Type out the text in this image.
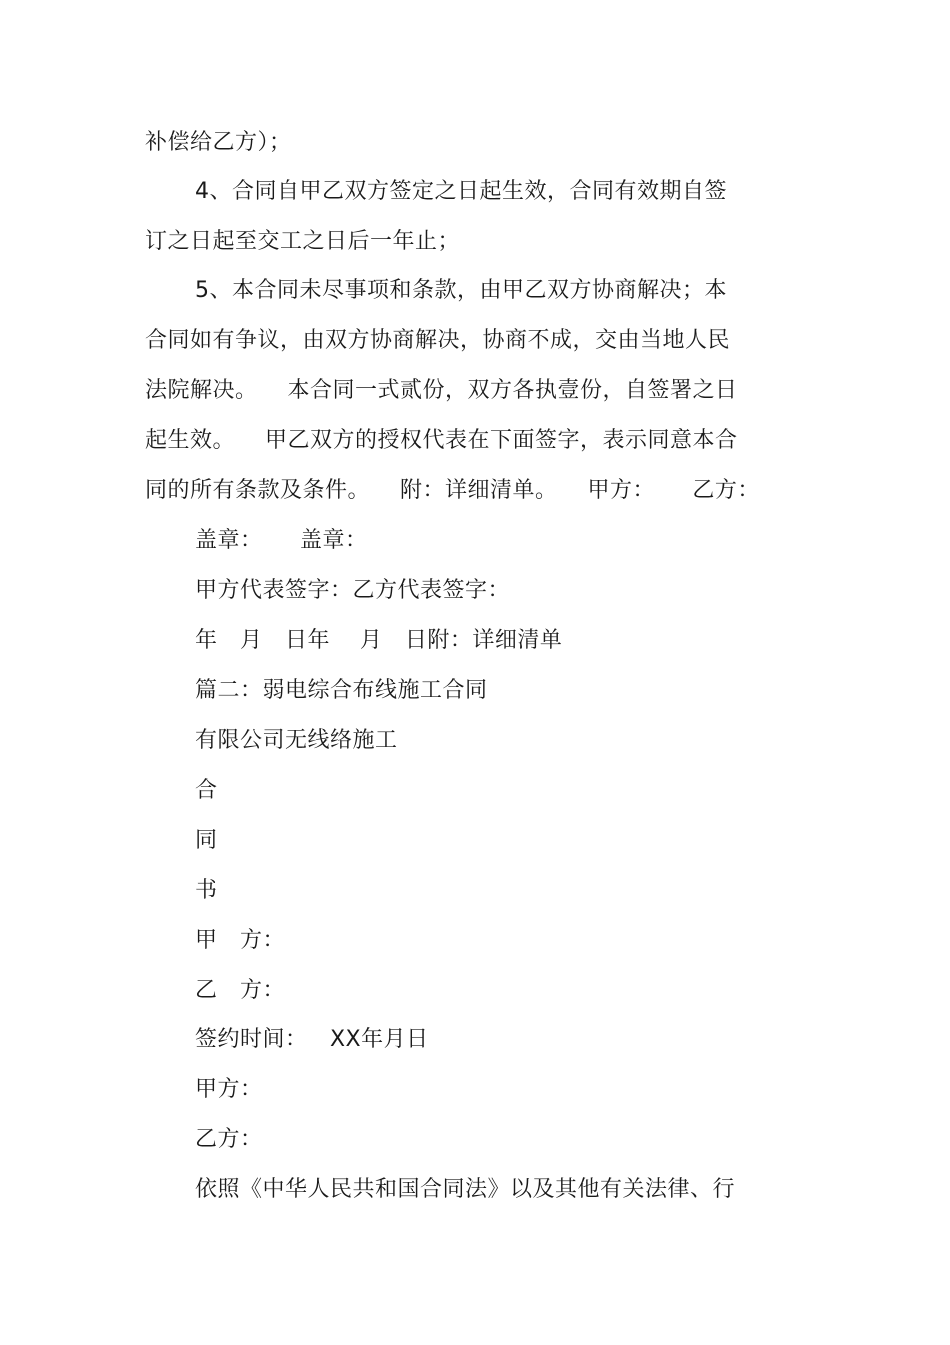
补偿给乙方）；
4、合同自甲乙双方签定之日起生效，合同有效期自签
订之日起至交工之日后一年止；
5、本合同未尽事项和条款，由甲乙双方协商解决；本
合同如有争议，由双方协商解决，协商不成，交由当地人民
法院解决。    本合同一式贰份，双方各执壹份，自签署之日
起生效。    甲乙双方的授权代表在下面签字，表示同意本合
同的所有条款及条件。    附：详细清单。    甲方：     乙方：
盖章：     盖章：
甲方代表签字：乙方代表签字：
年   月   日年    月   日附：详细清单
篇二：弱电综合布线施工合同
有限公司无线络施工
合
同
书
甲   方：
乙   方：
签约时间：   XX年月日
甲方：
乙方：
依照《中华人民共和国合同法》以及其他有关法律、行
